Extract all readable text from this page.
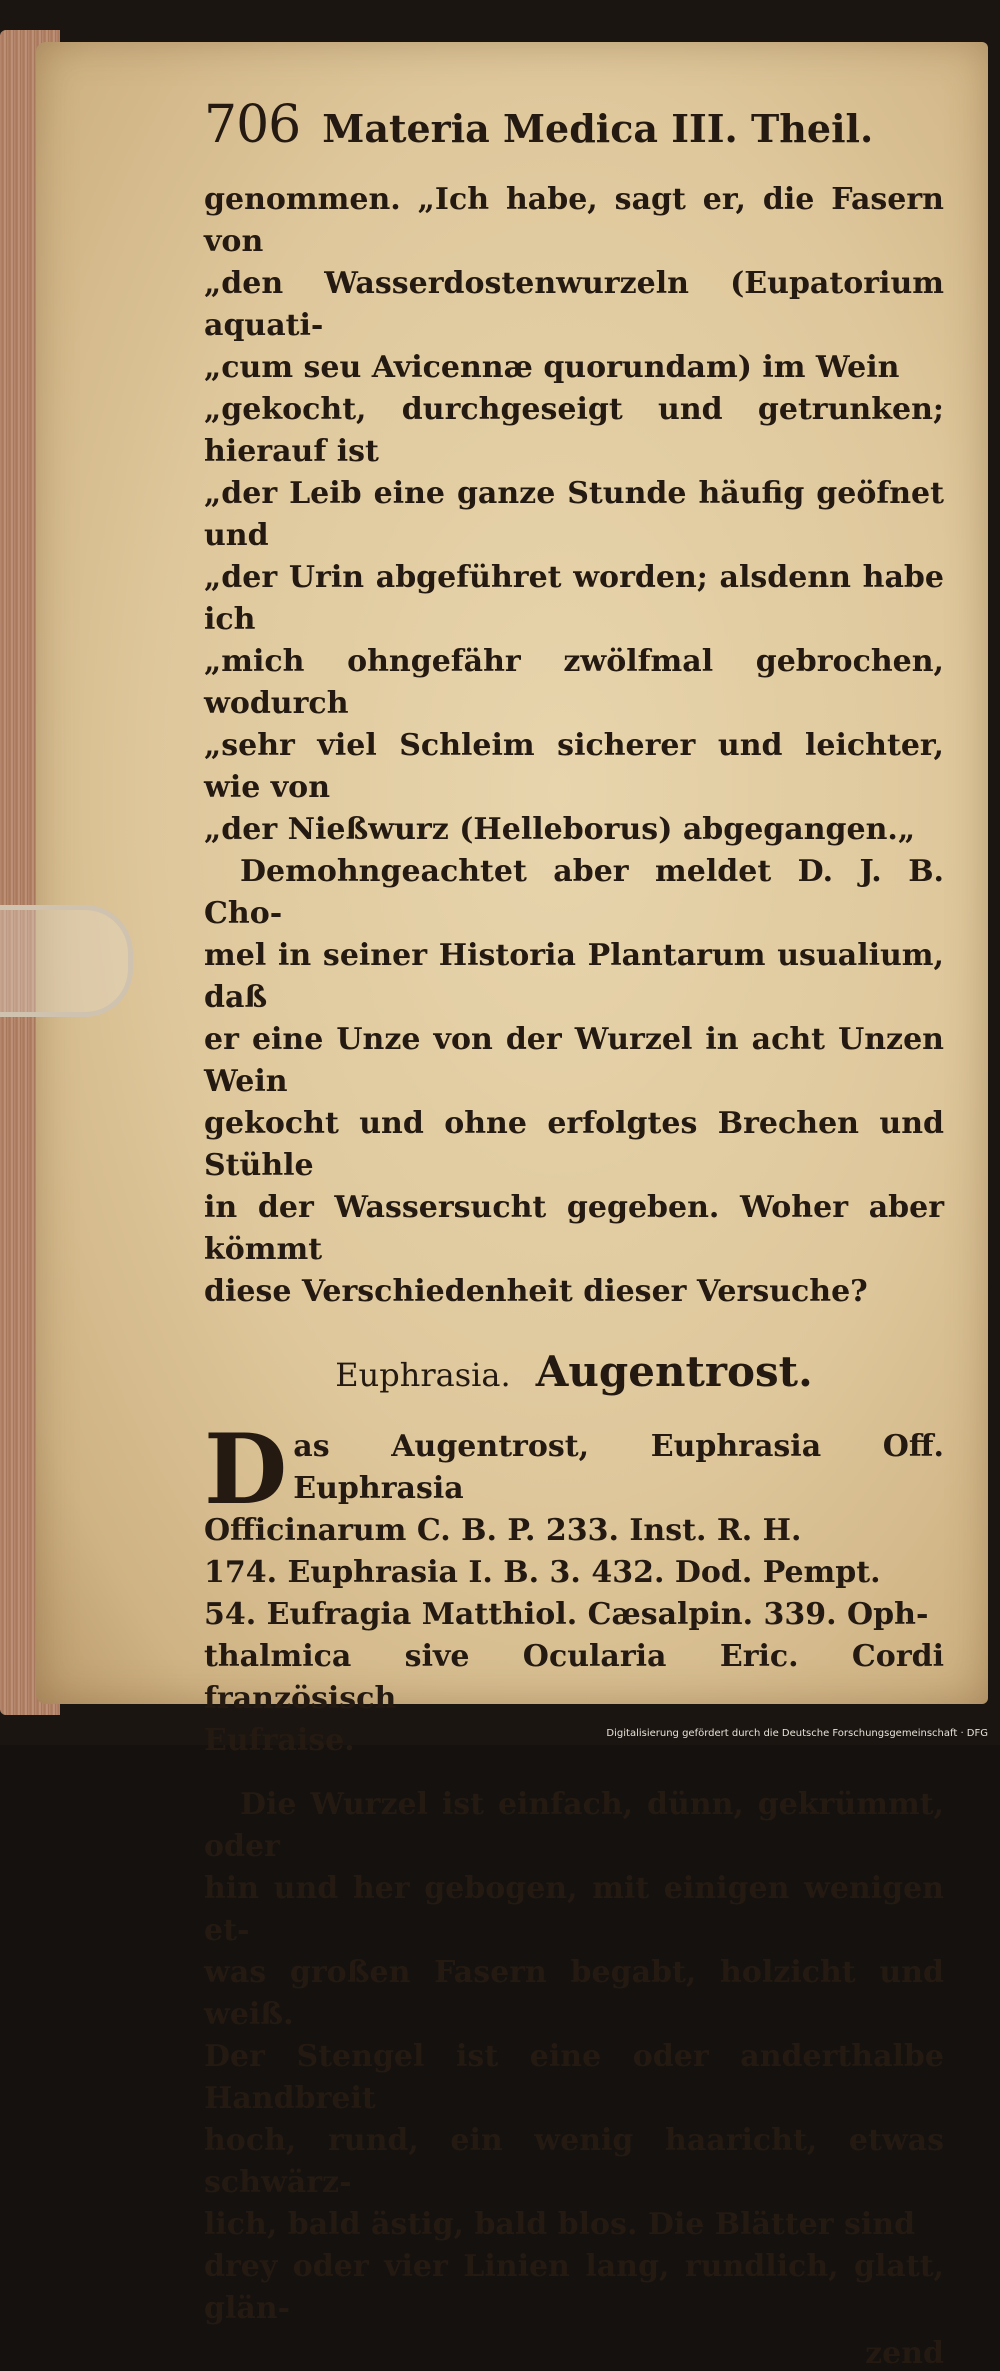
706 Materia Medica III. Theil.

genommen. „Ich habe, sagt er, die Fasern von

„den Wasserdostenwurzeln (Eupatorium aquati-

„cum seu Avicennæ quorundam) im Wein

„gekocht, durchgeseigt und getrunken; hierauf ist

„der Leib eine ganze Stunde häufig geöfnet und

„der Urin abgeführet worden; alsdenn habe ich

„mich ohngefähr zwölfmal gebrochen, wodurch

„sehr viel Schleim sicherer und leichter, wie von

„der Nießwurz (Helleborus) abgegangen.„

Demohngeachtet aber meldet D. J. B. Cho-

mel in seiner Historia Plantarum usualium, daß

er eine Unze von der Wurzel in acht Unzen Wein

gekocht und ohne erfolgtes Brechen und Stühle

in der Wassersucht gegeben. Woher aber kömmt

diese Verschiedenheit dieser Versuche?

Euphrasia. Augentrost.
D as Augentrost, Euphrasia Off. Euphrasia

Officinarum C. B. P. 233. Inst. R. H.

174. Euphrasia I. B. 3. 432. Dod. Pempt.

54. Eufragia Matthiol. Cæsalpin. 339. Oph-

thalmica sive Ocularia Eric. Cordi französisch

Eufraise.

Die Wurzel ist einfach, dünn, gekrümmt, oder

hin und her gebogen, mit einigen wenigen et-

was großen Fasern begabt, holzicht und weiß.

Der Stengel ist eine oder anderthalbe Handbreit

hoch, rund, ein wenig haaricht, etwas schwärz-

lich, bald ästig, bald blos. Die Blätter sind

drey oder vier Linien lang, rundlich, glatt, glän-

zend
Digitalisierung gefördert durch die Deutsche Forschungsgemeinschaft · DFG
